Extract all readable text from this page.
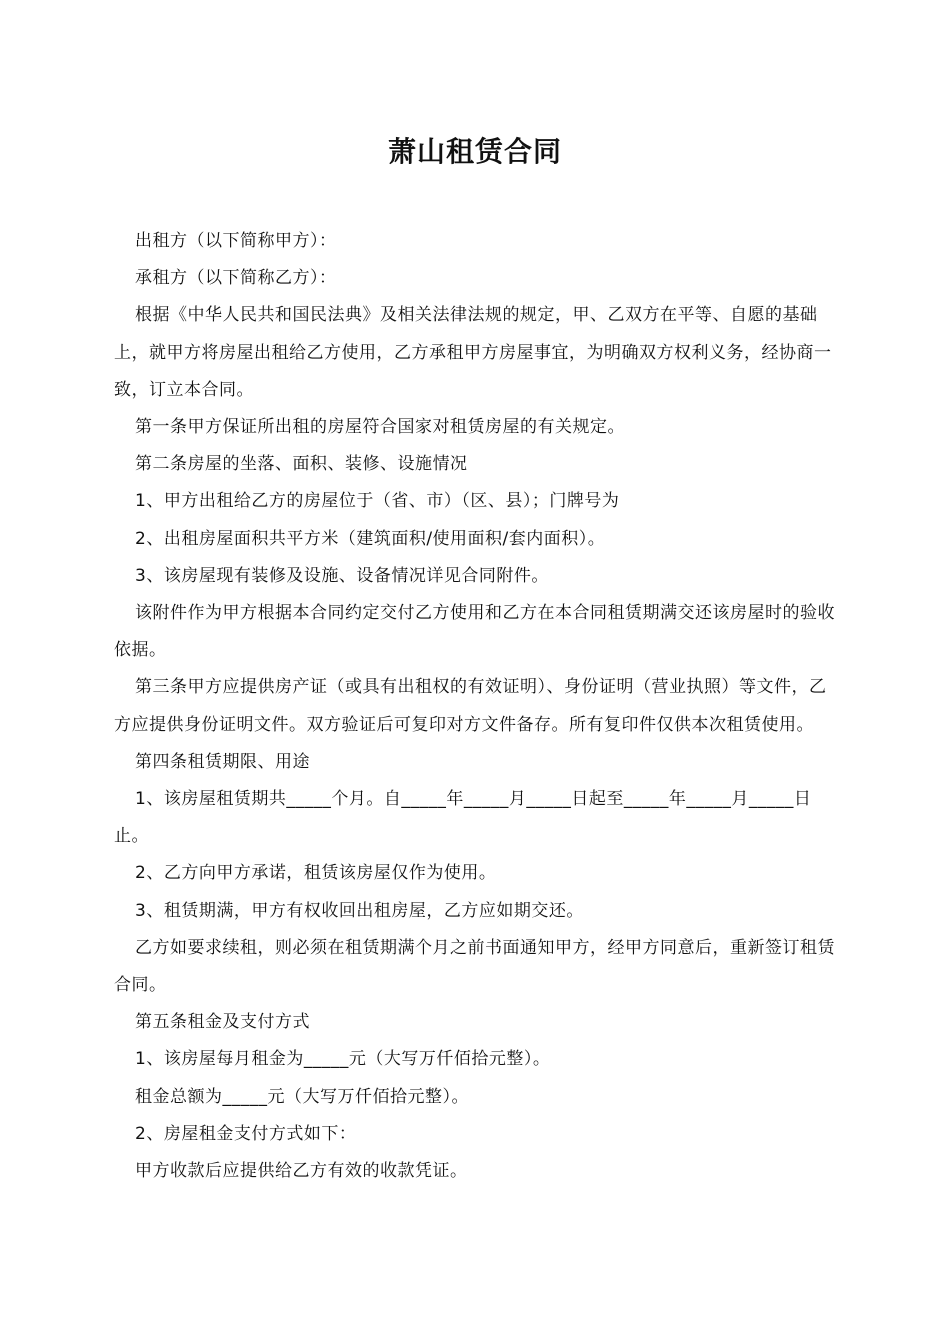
萧山租赁合同

出租方（以下简称甲方）：

承租方（以下简称乙方）：

根据《中华人民共和国民法典》及相关法律法规的规定，甲、乙双方在平等、自愿的基础上，就甲方将房屋出租给乙方使用，乙方承租甲方房屋事宜，为明确双方权利义务，经协商一致，订立本合同。

第一条甲方保证所出租的房屋符合国家对租赁房屋的有关规定。

第二条房屋的坐落、面积、装修、设施情况

1、甲方出租给乙方的房屋位于（省、市）（区、县）；门牌号为

2、出租房屋面积共平方米（建筑面积/使用面积/套内面积）。

3、该房屋现有装修及设施、设备情况详见合同附件。

该附件作为甲方根据本合同约定交付乙方使用和乙方在本合同租赁期满交还该房屋时的验收依据。

第三条甲方应提供房产证（或具有出租权的有效证明）、身份证明（营业执照）等文件，乙方应提供身份证明文件。双方验证后可复印对方文件备存。所有复印件仅供本次租赁使用。

第四条租赁期限、用途

1、该房屋租赁期共_____个月。自_____年_____月_____日起至_____年_____月_____日止。

2、乙方向甲方承诺，租赁该房屋仅作为使用。

3、租赁期满，甲方有权收回出租房屋，乙方应如期交还。

乙方如要求续租，则必须在租赁期满个月之前书面通知甲方，经甲方同意后，重新签订租赁合同。

第五条租金及支付方式

1、该房屋每月租金为_____元（大写万仟佰拾元整）。

租金总额为_____元（大写万仟佰拾元整）。

2、房屋租金支付方式如下：

甲方收款后应提供给乙方有效的收款凭证。
